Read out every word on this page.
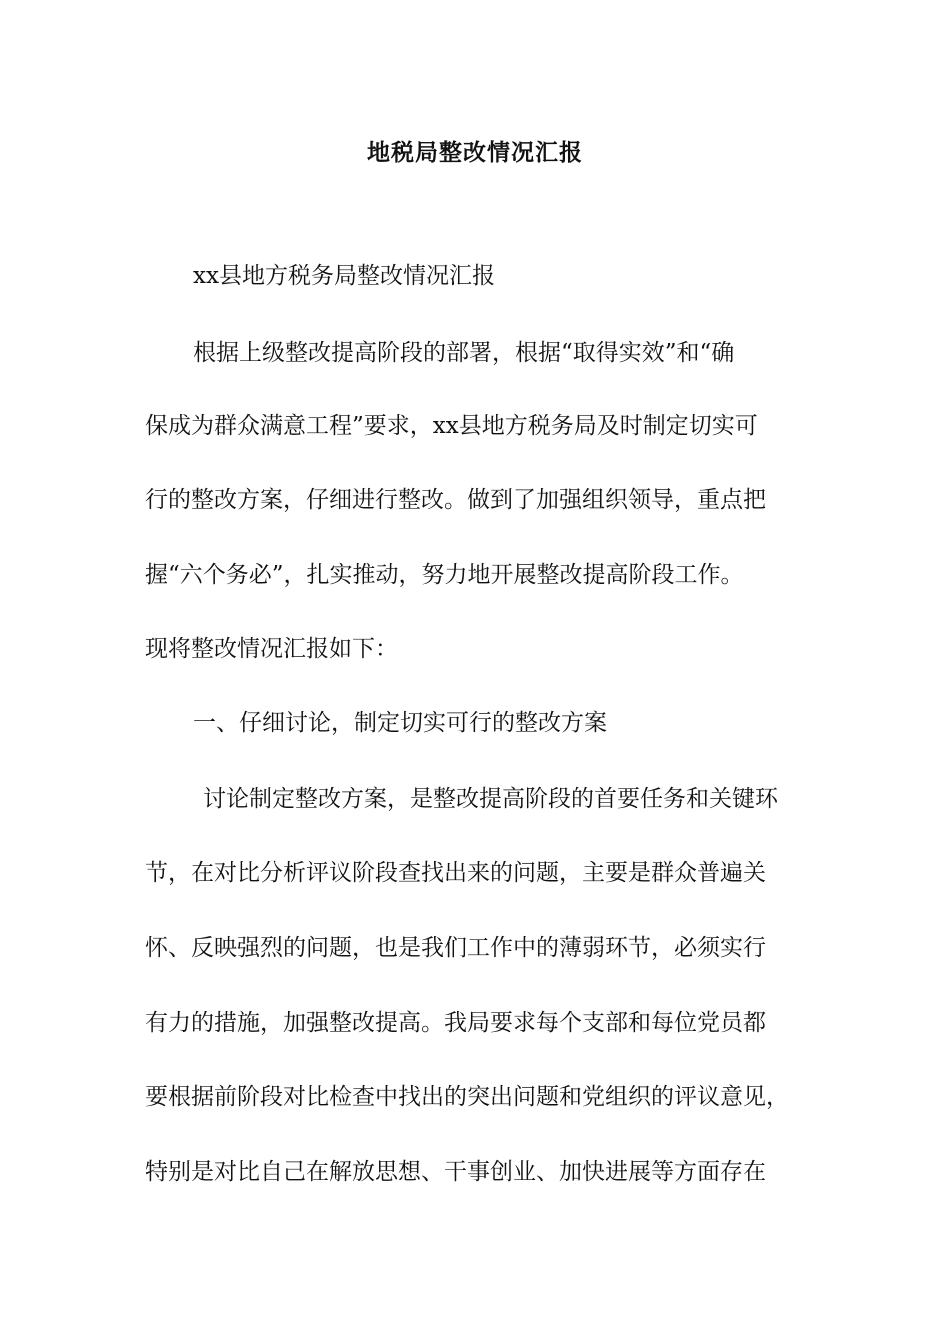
地税局整改情况汇报
xx县地方税务局整改情况汇报
根据上级整改提高阶段的部署，根据“取得实效”和“确
保成为群众满意工程”要求，xx县地方税务局及时制定切实可
行的整改方案，仔细进行整改。做到了加强组织领导，重点把
握“六个务必”，扎实推动，努力地开展整改提高阶段工作。
现将整改情况汇报如下：
一、仔细讨论，制定切实可行的整改方案
讨论制定整改方案，是整改提高阶段的首要任务和关键环
节，在对比分析评议阶段查找出来的问题，主要是群众普遍关
怀、反映强烈的问题，也是我们工作中的薄弱环节，必须实行
有力的措施，加强整改提高。我局要求每个支部和每位党员都
要根据前阶段对比检查中找出的突出问题和党组织的评议意见，
特别是对比自己在解放思想、干事创业、加快进展等方面存在
